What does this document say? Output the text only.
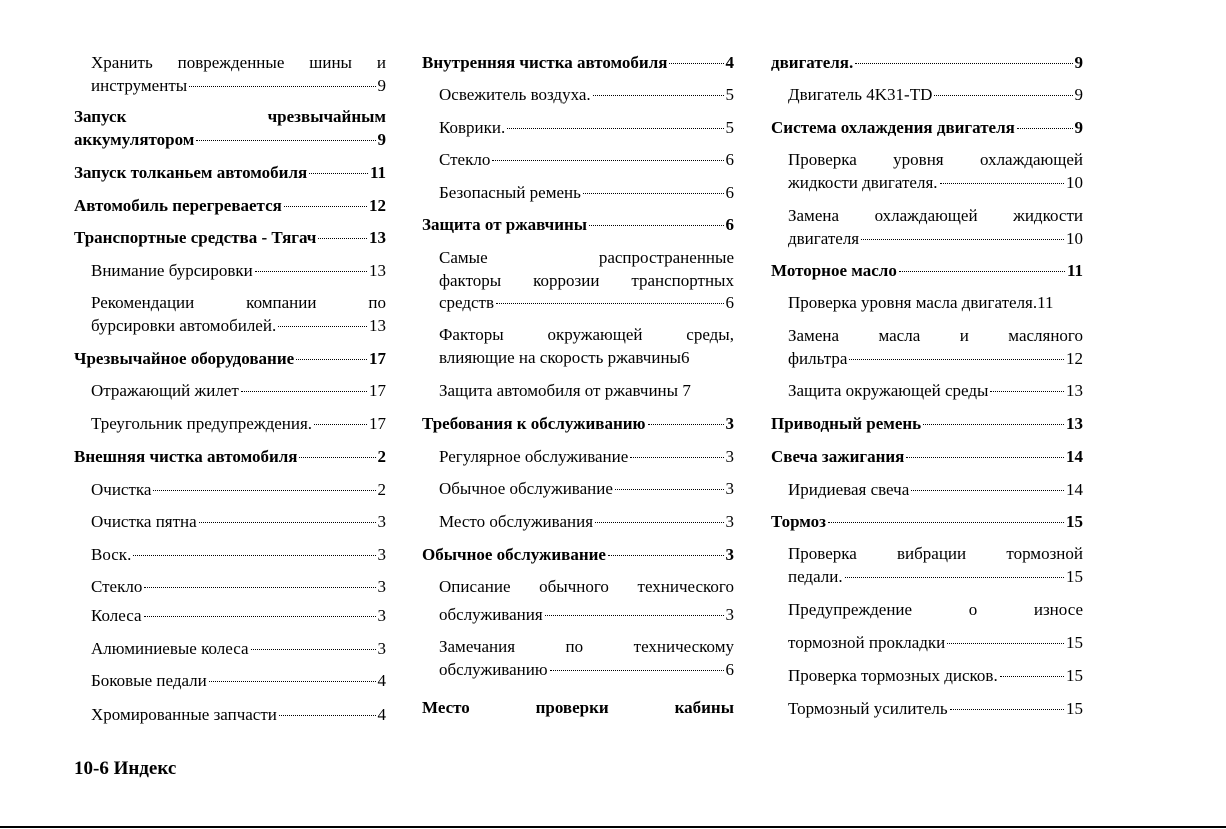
Хранить поврежденные шины и
инструменты	9
Запуск	чрезвычайным
аккумулятором	9
Запуск толканьем автомобиля	11
Автомобиль перегревается	12
Транспортные средства - Тягач	13
Внимание бурсировки	13
Рекомендации	компании	по
бурсировки автомобилей.	13
Чрезвычайное оборудование	17
Отражающий жилет	17
Треугольник предупреждения.	17
Внешняя чистка автомобиля	2
Очистка	2
Очистка пятна	3
Воск.	3
Стекло	3
Колеса	3
Алюминиевые колеса	3
Боковые педали	4
Хромированные запчасти	4
Внутренняя чистка автомобиля	4
Освежитель воздуха.	5
Коврики.	5
Стекло	6
Безопасный ремень	6
Защита от ржавчины	6
Самые	распространенные
факторы коррозии транспортных
средств	6
Факторы	окружающей	среды,
влияющие на скорость ржавчины6
Защита автомобиля от ржавчины 7
Требования к обслуживанию	3
Регулярное обслуживание	3
Обычное обслуживание	3
Место обслуживания	3
Обычное обслуживание	3
Описание обычного технического
обслуживания	3
Замечания	по	техническому
обслуживанию	6
Место	проверки	кабины
двигателя.	9
Двигатель 4K31-TD	9
Система охлаждения двигателя	9
Проверка уровня охлаждающей
жидкости двигателя.	10
Замена охлаждающей жидкости
двигателя	10
Моторное масло	11
Проверка уровня масла двигателя.11
Замена масла и масляного
фильтра	12
Защита окружающей среды	13
Приводный ремень	13
Свеча зажигания	14
Иридиевая свеча	14
Тормоз	15
Проверка вибрации тормозной
педали.	15
Предупреждение	о	износе
тормозной прокладки	15
Проверка тормозных дисков.	15
Тормозный усилитель	15
10-6 Индекс
